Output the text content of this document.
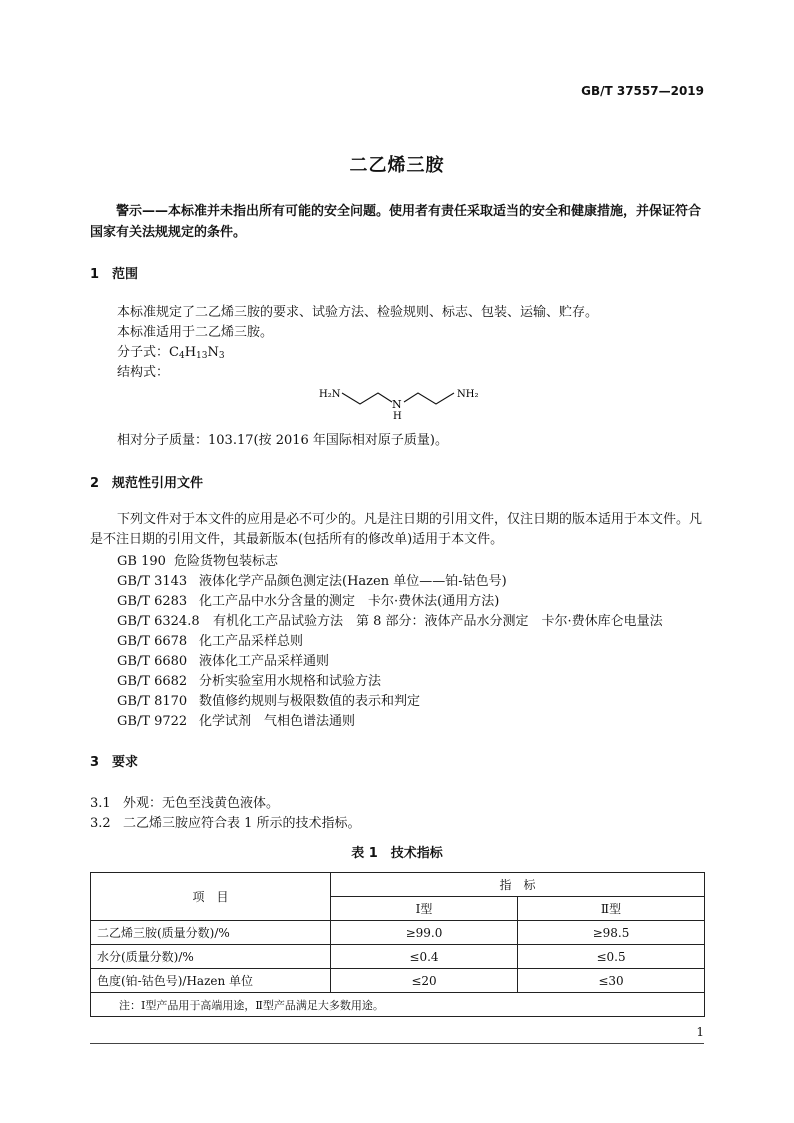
GB/T 37557—2019
二乙烯三胺
警示——本标准并未指出所有可能的安全问题。使用者有责任采取适当的安全和健康措施，并保证符合国家有关法规规定的条件。
1 范围
本标准规定了二乙烯三胺的要求、试验方法、检验规则、标志、包装、运输、贮存。
本标准适用于二乙烯三胺。
分子式：$C_4H_{13}N_3$
结构式：
H₂N
N
H
NH₂
相对分子质量：103.17(按 2016 年国际相对原子质量)。
2 规范性引用文件
下列文件对于本文件的应用是必不可少的。凡是注日期的引用文件，仅注日期的版本适用于本文件。凡是不注日期的引用文件，其最新版本(包括所有的修改单)适用于本文件。
GB 190 危险货物包装标志
GB/T 3143 液体化学产品颜色测定法(Hazen 单位——铂-钴色号)
GB/T 6283 化工产品中水分含量的测定　卡尔·费休法(通用方法)
GB/T 6324.8 有机化工产品试验方法　第 8 部分：液体产品水分测定　卡尔·费休库仑电量法
GB/T 6678 化工产品采样总则
GB/T 6680 液体化工产品采样通则
GB/T 6682 分析实验室用水规格和试验方法
GB/T 8170 数值修约规则与极限数值的表示和判定
GB/T 9722 化学试剂　气相色谱法通则
3 要求
3.1 外观：无色至浅黄色液体。
3.2 二乙烯三胺应符合表 1 所示的技术指标。
表 1　技术指标
项　目	指　标	
	Ⅰ型	Ⅱ型
二乙烯三胺(质量分数)/%	≥99.0	≥98.5
水分(质量分数)/%	≤0.4	≤0.5
色度(铂-钴色号)/Hazen 单位	≤20	≤30
注：Ⅰ型产品用于高端用途，Ⅱ型产品满足大多数用途。		
1
